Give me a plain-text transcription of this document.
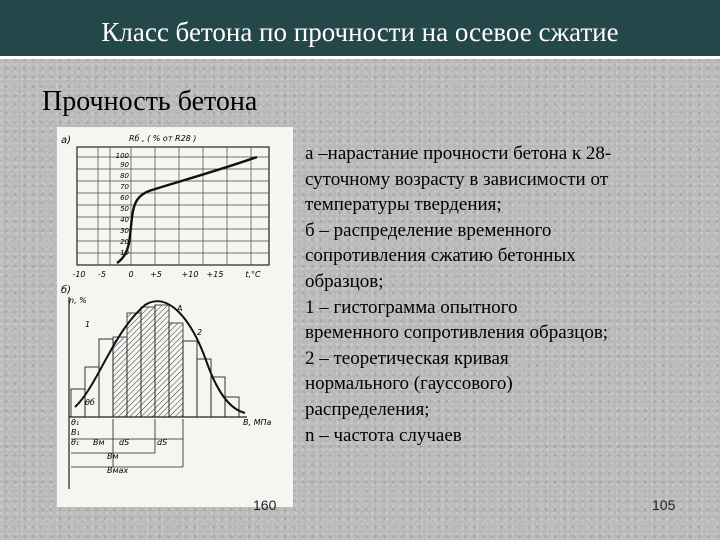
Класс бетона по прочности на осевое сжатие
Прочность бетона
а)	Rб , ( % от R28 )
100
90
80
70
60
50
40
30
20
10
-10 -5	0 +5 +10 +15	t,°C
б)
n, %
1
A
2
θб
θ₁
B₁
θ₁ Bм dS	dS
Bм
Bмаx
B, МПа
а –нарастание прочности бетона к 28-
суточному возрасту в зависимости от
температуры твердения;
б – распределение временного
сопротивления сжатию бетонных
образцов;
1 – гистограмма опытного
временного сопротивления образцов;
2 – теоретическая кривая
нормального (гауссового)
распределения;
n – частота случаев
160	105
